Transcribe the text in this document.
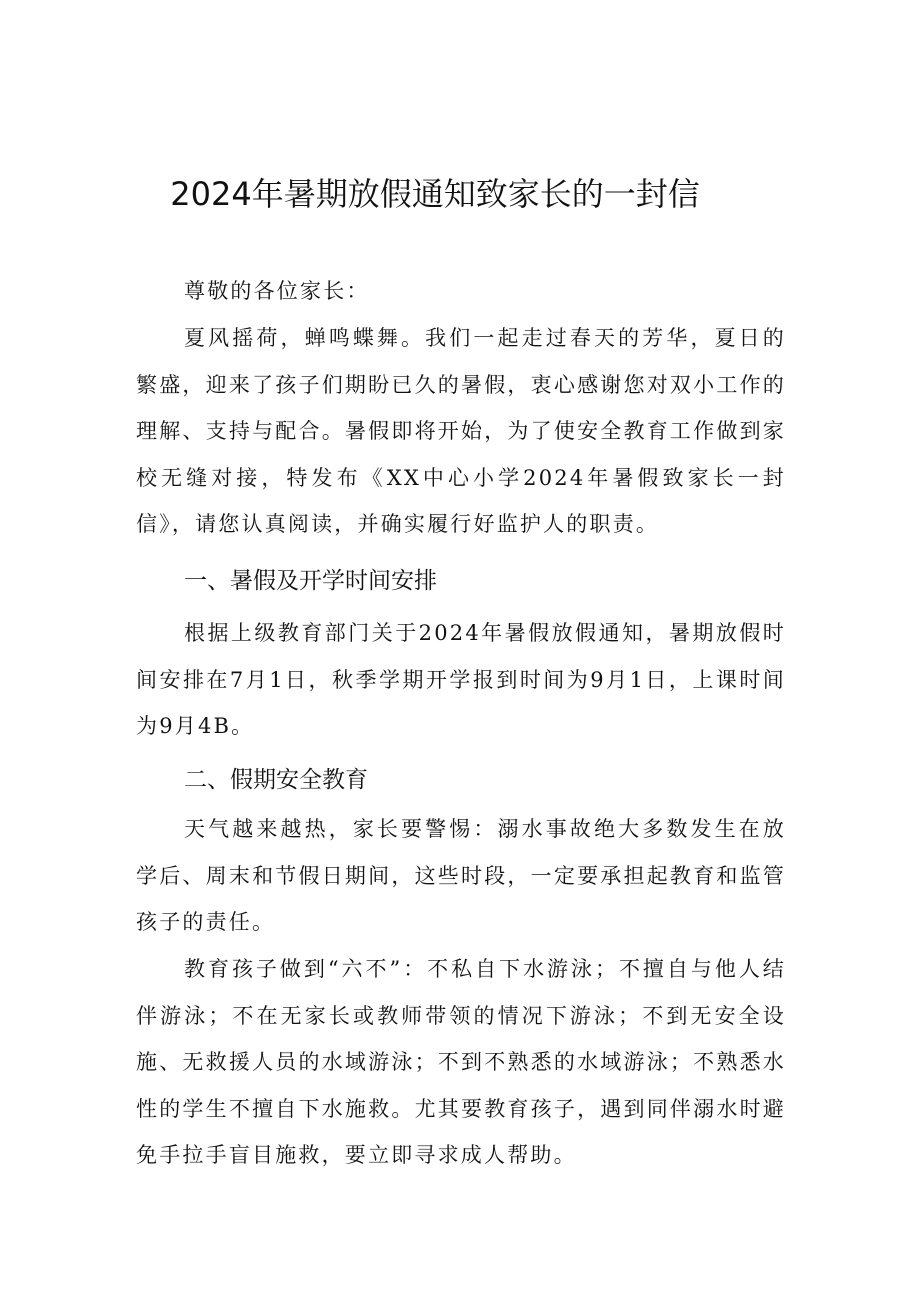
2024年暑期放假通知致家长的一封信

尊敬的各位家长：

夏风摇荷，蝉鸣蝶舞。我们一起走过春天的芳华，夏日的繁盛，迎来了孩子们期盼已久的暑假，衷心感谢您对双小工作的理解、支持与配合。暑假即将开始，为了使安全教育工作做到家校无缝对接，特发布《XX中心小学2024年暑假致家长一封信》，请您认真阅读，并确实履行好监护人的职责。

一、暑假及开学时间安排

根据上级教育部门关于2024年暑假放假通知，暑期放假时间安排在7月1日，秋季学期开学报到时间为9月1日，上课时间为9月4B。

二、假期安全教育

天气越来越热，家长要警惕：溺水事故绝大多数发生在放学后、周末和节假日期间，这些时段，一定要承担起教育和监管孩子的责任。

教育孩子做到“六不”：不私自下水游泳；不擅自与他人结伴游泳；不在无家长或教师带领的情况下游泳；不到无安全设施、无救援人员的水域游泳；不到不熟悉的水域游泳；不熟悉水性的学生不擅自下水施救。尤其要教育孩子，遇到同伴溺水时避免手拉手盲目施救，要立即寻求成人帮助。
